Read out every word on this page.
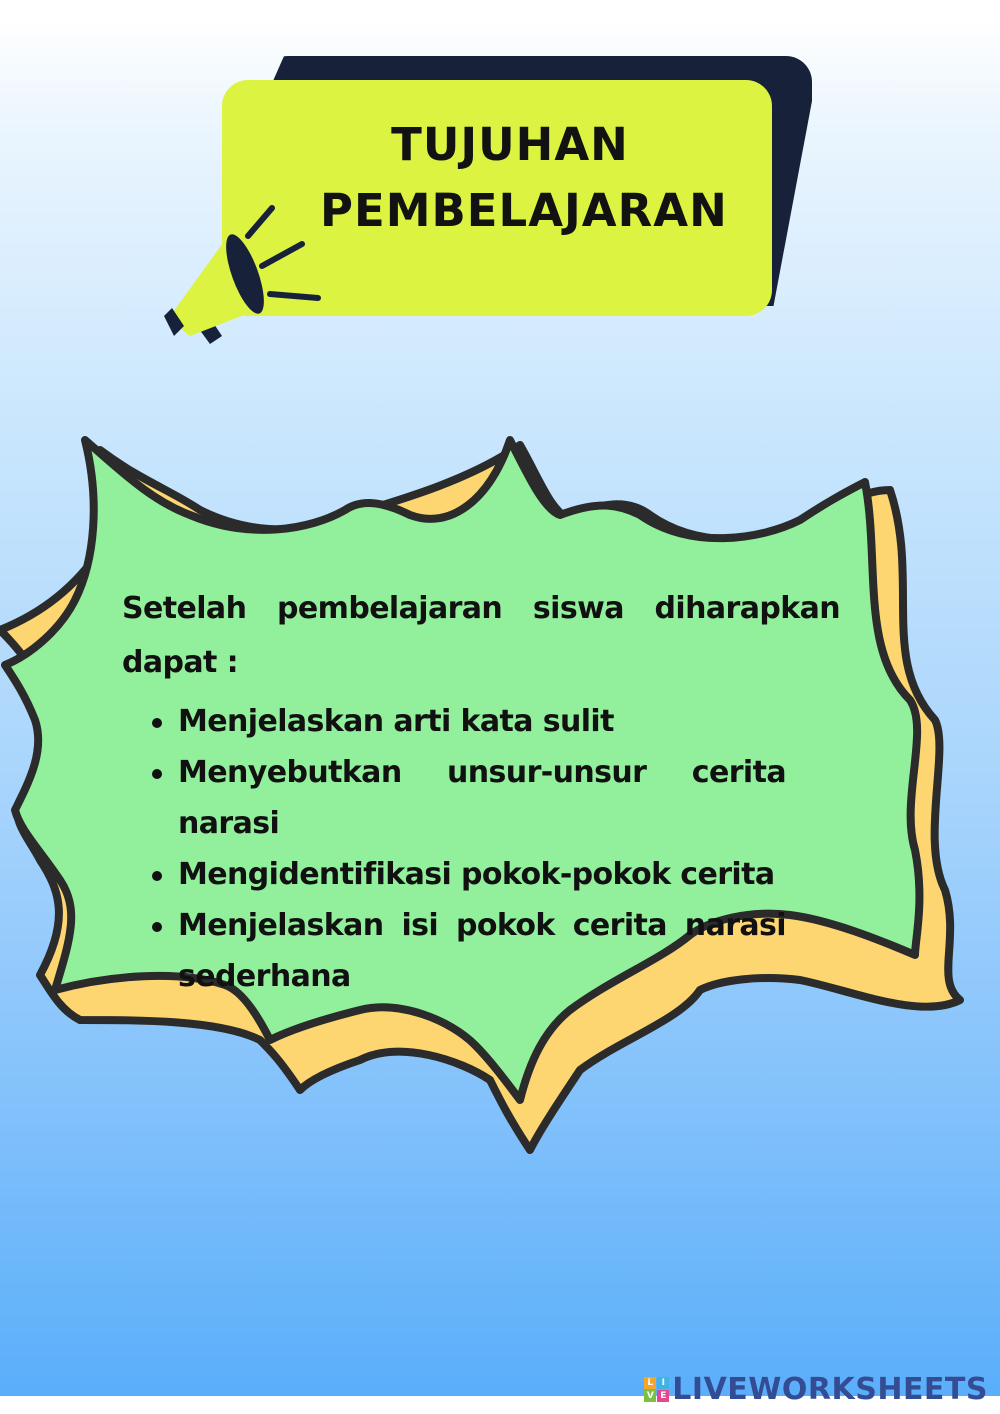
TUJUHAN
PEMBELAJARAN

Setelah pembelajaran siswa diharapkan dapat :

Menjelaskan arti kata sulit
Menyebutkan unsur-unsur cerita narasi
Mengidentifikasi pokok-pokok cerita
Menjelaskan isi pokok cerita narasi sederhana
L I
V E LIVEWORKSHEETS
